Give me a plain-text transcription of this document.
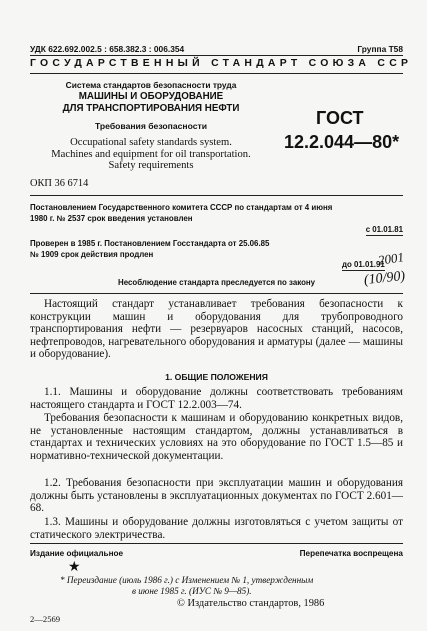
УДК 622.692.002.5 : 658.382.3 : 006.354	Группа Т58
ГОСУДАРСТВЕННЫЙ СТАНДАРТ СОЮЗА ССР
Система стандартов безопасности труда
МАШИНЫ И ОБОРУДОВАНИЕ
ДЛЯ ТРАНСПОРТИРОВАНИЯ НЕФТИ
Требования безопасности
Occupational safety standards system.
Machines and equipment for oil transportation.
Safety requirements
ГОСТ
12.2.044—80*
ОКП 36 6714
Постановлением Государственного комитета СССР по стандартам от 4 июня
1980 г. № 2537 срок введения установлен
с 01.01.81
Проверен в 1985 г. Постановлением Госстандарта от 25.06.85
№ 1909 срок действия продлен
до 01.01.91
2001
Несоблюдение стандарта преследуется по закону	(10/90)
Настоящий стандарт устанавливает требования безопасности к конструкции машин и оборудования для трубопроводного транспортирования нефти — резервуаров насосных станций, насосов, нефтепроводов, нагревательного оборудования и арматуры (далее — машины и оборудование).
1. ОБЩИЕ ПОЛОЖЕНИЯ
1.1. Машины и оборудование должны соответствовать требованиям настоящего стандарта и ГОСТ 12.2.003—74.
Требования безопасности к машинам и оборудованию конкретных видов, не установленные настоящим стандартом, должны устанавливаться в стандартах и технических условиях на это оборудование по ГОСТ 1.5—85 и нормативно-технической документации.
1.2. Требования безопасности при эксплуатации машин и оборудования должны быть установлены в эксплуатационных документах по ГОСТ 2.601—68.
1.3. Машины и оборудование должны изготовляться с учетом защиты от статического электричества.
Издание официальное	Перепечатка воспрещена
★
* Переиздание (июль 1986 г.) с Изменением № 1, утвержденным
в июне 1985 г. (ИУС № 9—85).
© Издательство стандартов, 1986
2—2569
